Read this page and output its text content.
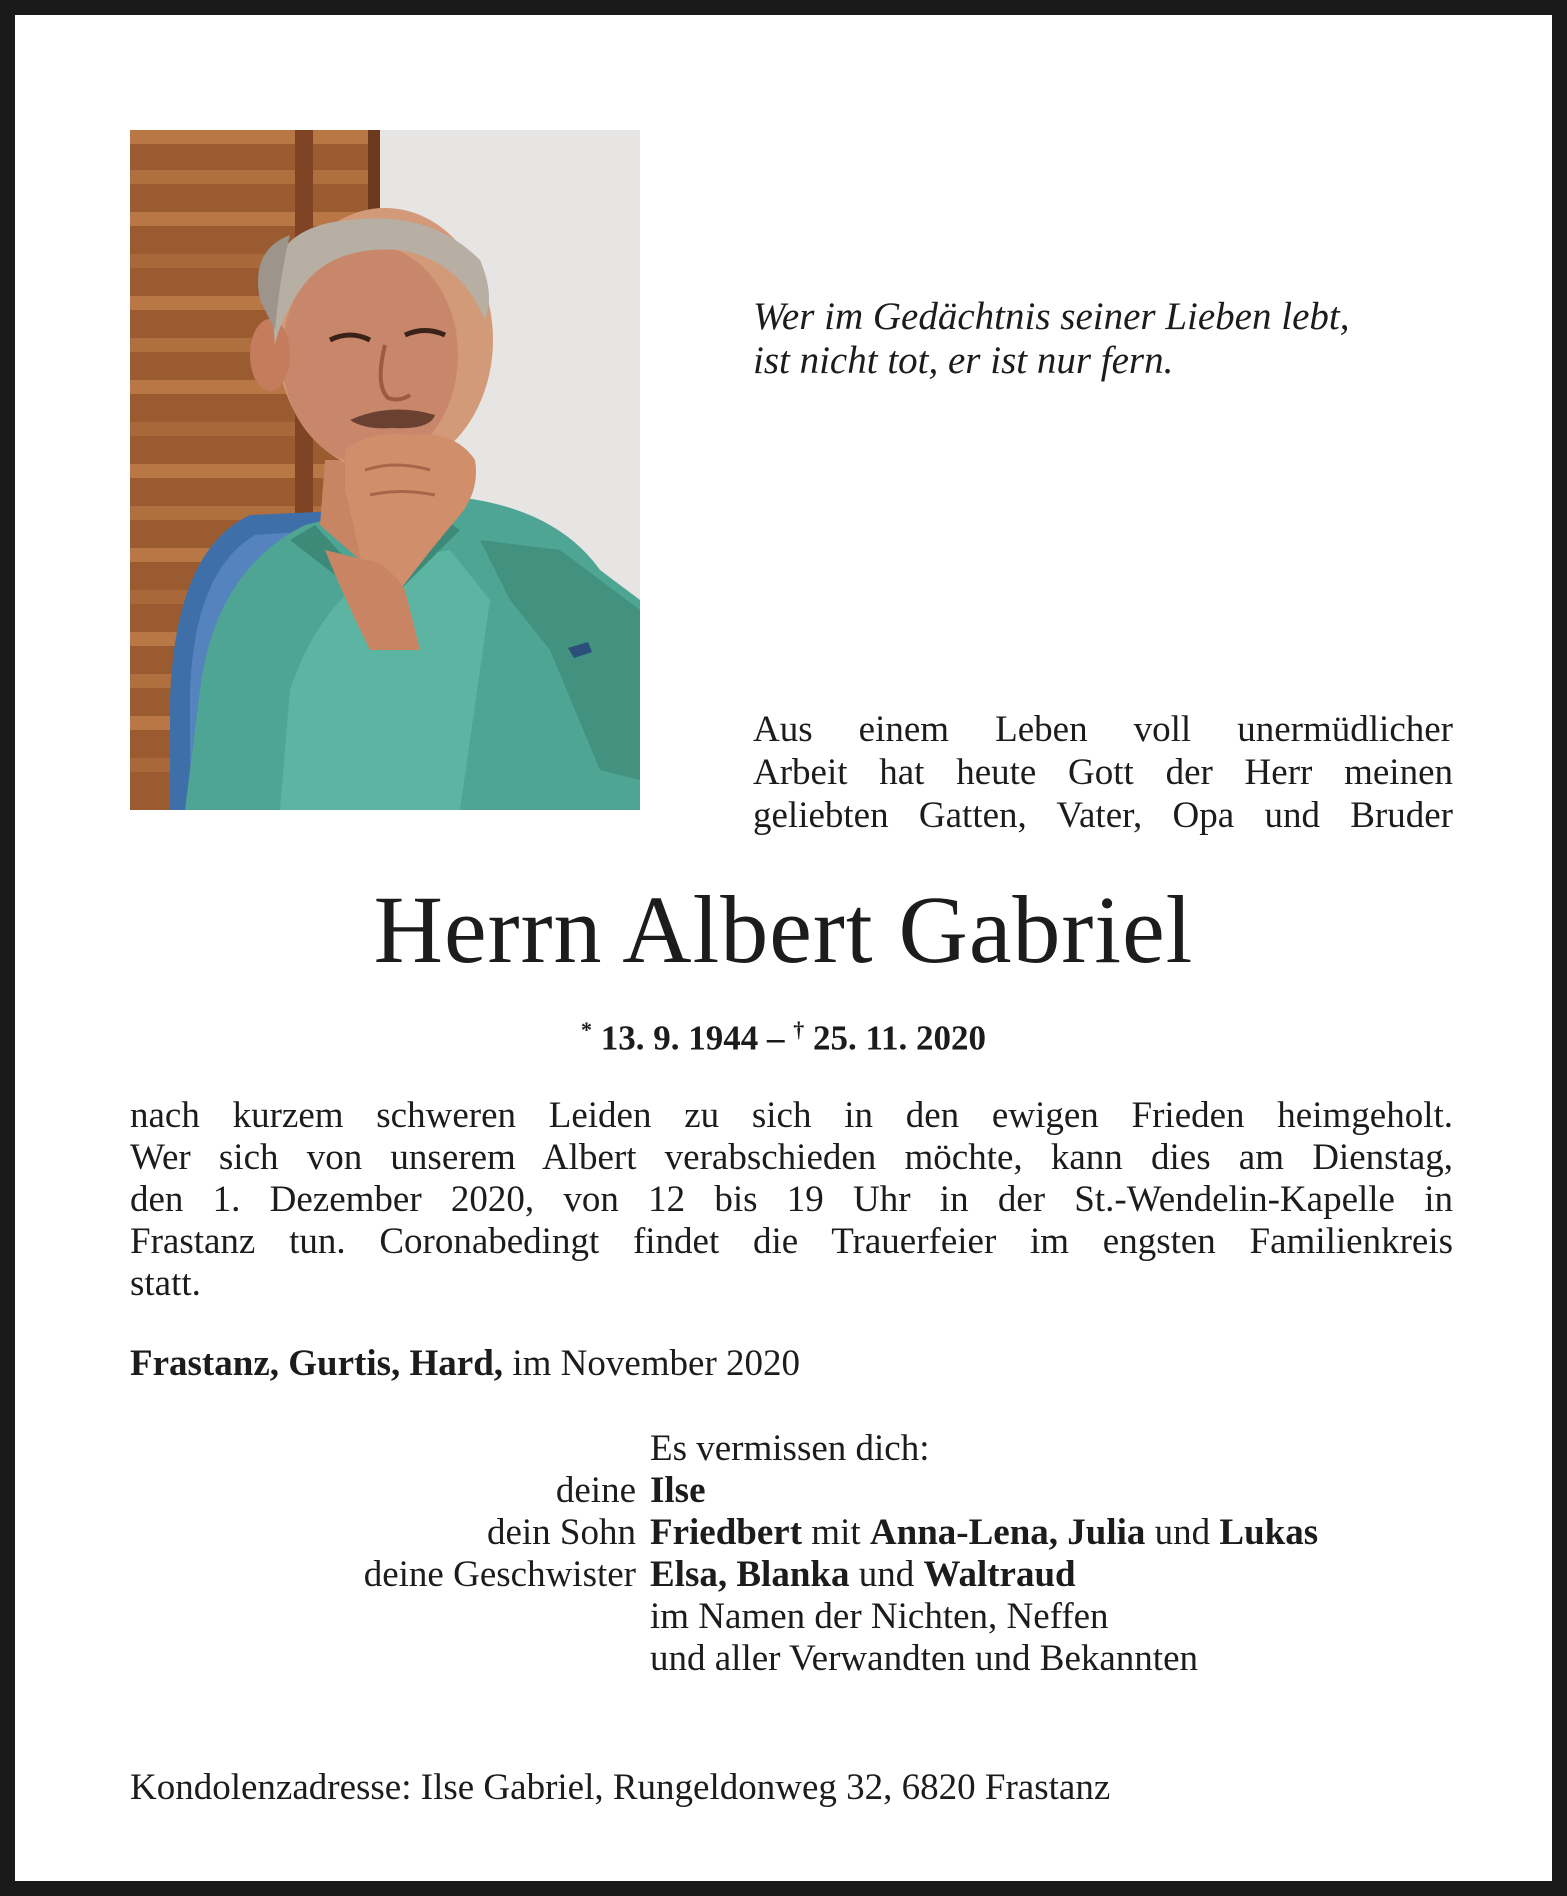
Wer im Gedächtnis seiner Lieben lebt,
ist nicht tot, er ist nur fern.
Aus einem Leben voll unermüdlicher
Arbeit hat heute Gott der Herr meinen
geliebten Gatten, Vater, Opa und Bruder
Herrn Albert Gabriel
* 13. 9. 1944 – † 25. 11. 2020
nach kurzem schweren Leiden zu sich in den ewigen Frieden heimgeholt.
Wer sich von unserem Albert verabschieden möchte, kann dies am Dienstag,
den 1. Dezember 2020, von 12 bis 19 Uhr in der St.-Wendelin-Kapelle in
Frastanz tun. Coronabedingt findet die Trauerfeier im engsten Familienkreis
statt.
Frastanz, Gurtis, Hard, im November 2020
Es vermissen dich:
deine Ilse
dein Sohn Friedbert mit Anna-Lena, Julia und Lukas
deine Geschwister Elsa, Blanka und Waltraud
im Namen der Nichten, Neffen
und aller Verwandten und Bekannten
Kondolenzadresse: Ilse Gabriel, Rungeldonweg 32, 6820 Frastanz
